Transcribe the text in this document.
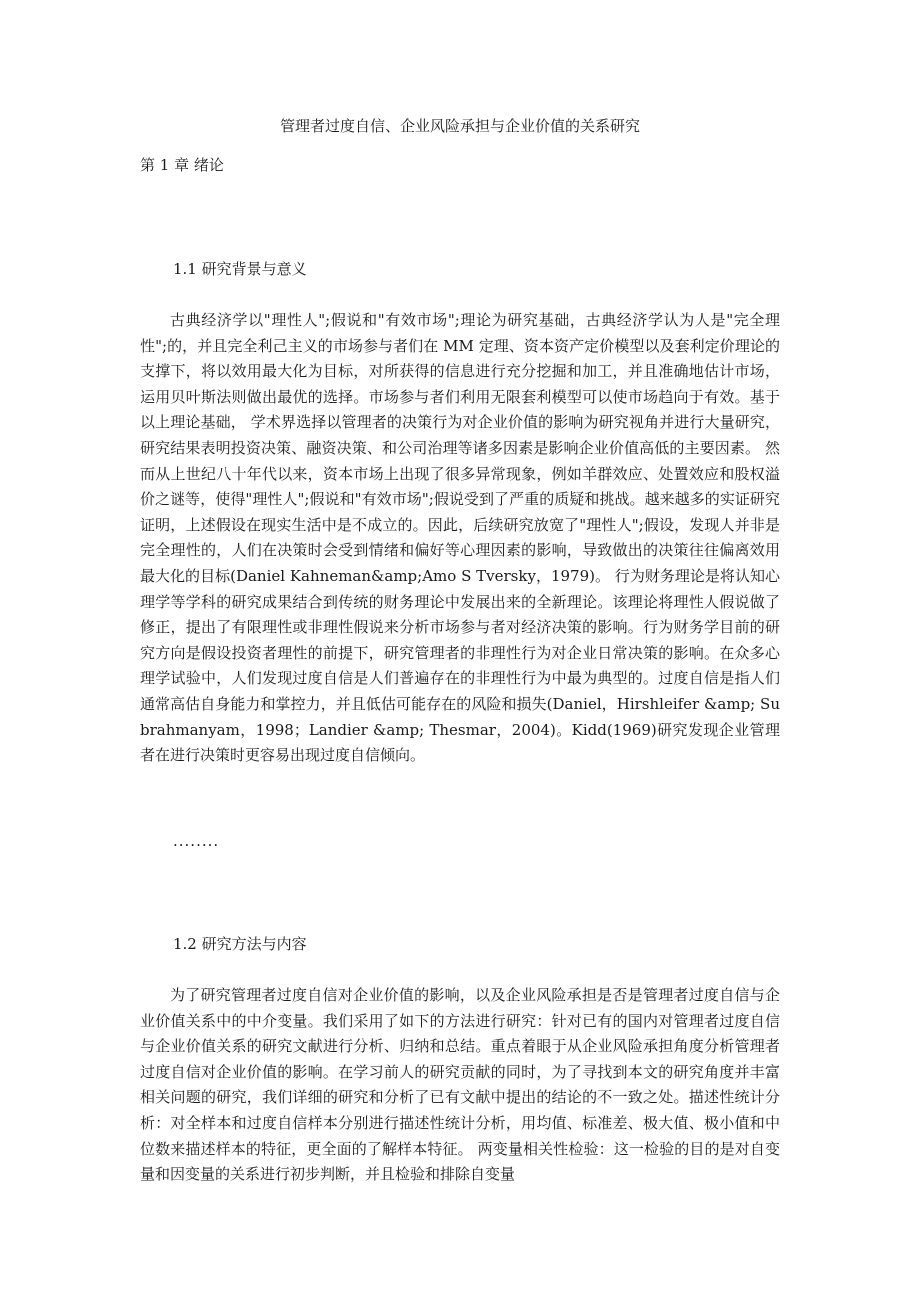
管理者过度自信、企业风险承担与企业价值的关系研究
第 1 章 绪论
1.1 研究背景与意义

古典经济学以"理性人";假说和"有效市场";理论为研究基础，古典经济学认为人是"完全理性";的，并且完全利己主义的市场参与者们在 MM 定理、资本资产定价模型以及套利定价理论的支撑下，将以效用最大化为目标，对所获得的信息进行充分挖掘和加工，并且准确地估计市场，运用贝叶斯法则做出最优的选择。市场参与者们利用无限套利模型可以使市场趋向于有效。基于以上理论基础， 学术界选择以管理者的决策行为对企业价值的影响为研究视角并进行大量研究，研究结果表明投资决策、融资决策、和公司治理等诸多因素是影响企业价值高低的主要因素。 然而从上世纪八十年代以来，资本市场上出现了很多异常现象，例如羊群效应、处置效应和股权溢价之谜等，使得"理性人";假说和"有效市场";假说受到了严重的质疑和挑战。越来越多的实证研究证明，上述假设在现实生活中是不成立的。因此，后续研究放宽了"理性人";假设，发现人并非是完全理性的，人们在决策时会受到情绪和偏好等心理因素的影响，导致做出的决策往往偏离效用最大化的目标(Daniel Kahneman&amp;Amo S Tversky，1979)。 行为财务理论是将认知心理学等学科的研究成果结合到传统的财务理论中发展出来的全新理论。该理论将理性人假说做了修正，提出了有限理性或非理性假说来分析市场参与者对经济决策的影响。行为财务学目前的研究方向是假设投资者理性的前提下，研究管理者的非理性行为对企业日常决策的影响。在众多心理学试验中，人们发现过度自信是人们普遍存在的非理性行为中最为典型的。过度自信是指人们通常高估自身能力和掌控力，并且低估可能存在的风险和损失(Daniel，Hirshleifer &amp; Subrahmanyam，1998；Landier &amp; Thesmar，2004)。Kidd(1969)研究发现企业管理者在进行决策时更容易出现过度自信倾向。

........
1.2 研究方法与内容

为了研究管理者过度自信对企业价值的影响，以及企业风险承担是否是管理者过度自信与企业价值关系中的中介变量。我们采用了如下的方法进行研究：针对已有的国内对管理者过度自信与企业价值关系的研究文献进行分析、归纳和总结。重点着眼于从企业风险承担角度分析管理者过度自信对企业价值的影响。在学习前人的研究贡献的同时，为了寻找到本文的研究角度并丰富相关问题的研究，我们详细的研究和分析了已有文献中提出的结论的不一致之处。描述性统计分析：对全样本和过度自信样本分别进行描述性统计分析，用均值、标准差、极大值、极小值和中位数来描述样本的特征，更全面的了解样本特征。 两变量相关性检验：这一检验的目的是对自变量和因变量的关系进行初步判断，并且检验和排除自变量
